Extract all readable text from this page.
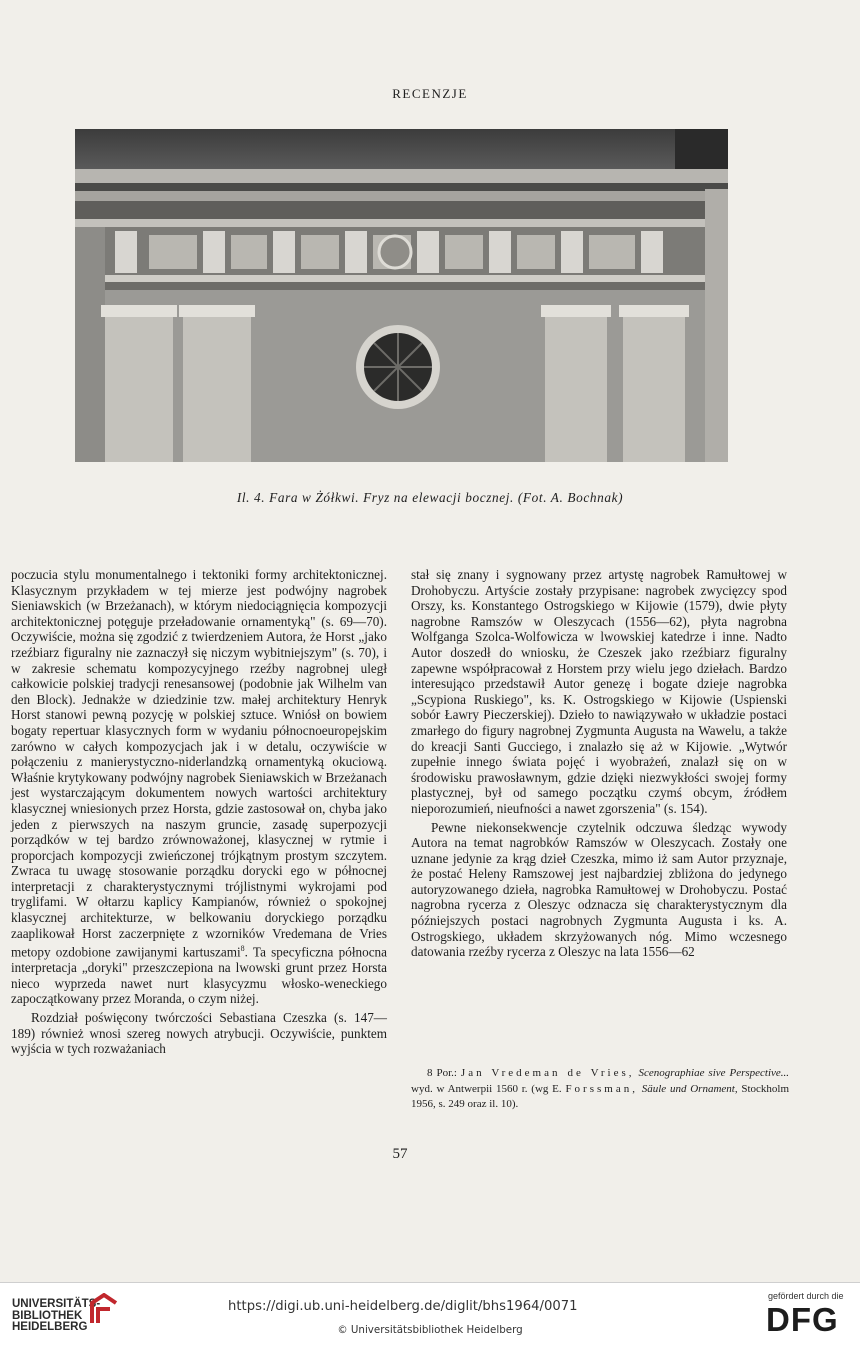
RECENZJE
Il. 4. Fara w Żółkwi. Fryz na elewacji bocznej. (Fot. A. Bochnak)

poczucia stylu monumentalnego i tektoniki formy architektonicznej. Klasycznym przykładem w tej mierze jest podwójny nagrobek Sieniawskich (w Brzeżanach), w którym niedociągnięcia kompozycji architektonicznej potęguje przeładowanie ornamentyką" (s. 69—70). Oczywiście, można się zgodzić z twierdzeniem Autora, że Horst „jako rzeźbiarz figuralny nie zaznaczył się niczym wybitniejszym" (s. 70), i w zakresie schematu kompozycyjnego rzeźby nagrobnej uległ całkowicie polskiej tradycji renesansowej (podobnie jak Wilhelm van den Block). Jednakże w dziedzinie tzw. małej architektury Henryk Horst stanowi pewną pozycję w polskiej sztuce. Wniósł on bowiem bogaty repertuar klasycznych form w wydaniu północnoeuropejskim zarówno w całych kompozycjach jak i w detalu, oczywiście w połączeniu z manierystyczno-niderlandzką ornamentyką okuciową. Właśnie krytykowany podwójny nagrobek Sieniawskich w Brzeżanach jest wystarczającym dokumentem nowych wartości architektury klasycznej wniesionych przez Horsta, gdzie zastosował on, chyba jako jeden z pierwszych na naszym gruncie, zasadę superpozycji porządków w tej bardzo zrównoważonej, klasycznej w rytmie i proporcjach kompozycji zwieńczonej trójkątnym prostym szczytem. Zwraca tu uwagę stosowanie porządku dorycki ego w północnej interpretacji z charakterystycznymi trójlistnymi wykrojami pod tryglifami. W ołtarzu kaplicy Kampianów, również o spokojnej klasycznej architekturze, w belkowaniu doryckiego porządku zaaplikował Horst zaczerpnięte z wzorników Vredemana de Vries metopy ozdobione zawijanymi kartuszami$^8$. Ta specyficzna północna interpretacja „doryki" przeszczepiona na lwowski grunt przez Horsta nieco wyprzeda nawet nurt klasycyzmu włosko-weneckiego zapoczątkowany przez Moranda, o czym niżej.

Rozdział poświęcony twórczości Sebastiana Czeszka (s. 147—189) również wnosi szereg nowych atrybucji. Oczywiście, punktem wyjścia w tych rozważaniach

stał się znany i sygnowany przez artystę nagrobek Ramułtowej w Drohobyczu. Artyście zostały przypisane: nagrobek zwycięzcy spod Orszy, ks. Konstantego Ostrogskiego w Kijowie (1579), dwie płyty nagrobne Ramszów w Oleszycach (1556—62), płyta nagrobna Wolfganga Szolca-Wolfowicza w lwowskiej katedrze i inne. Nadto Autor doszedł do wniosku, że Czeszek jako rzeźbiarz figuralny zapewne współpracował z Horstem przy wielu jego dziełach. Bardzo interesująco przedstawił Autor genezę i bogate dzieje nagrobka „Scypiona Ruskiego", ks. K. Ostrogskiego w Kijowie (Uspienski sobór Ławry Pieczerskiej). Dzieło to nawiązywało w układzie postaci zmarłego do figury nagrobnej Zygmunta Augusta na Wawelu, a także do kreacji Santi Gucciego, i znalazło się aż w Kijowie. „Wytwór zupełnie innego świata pojęć i wyobrażeń, znalazł się on w środowisku prawosławnym, gdzie dzięki niezwykłości swojej formy plastycznej, był od samego początku czymś obcym, źródłem nieporozumień, nieufności a nawet zgorszenia" (s. 154).

Pewne niekonsekwencje czytelnik odczuwa śledząc wywody Autora na temat nagrobków Ramszów w Oleszycach. Zostały one uznane jedynie za krąg dzieł Czeszka, mimo iż sam Autor przyznaje, że postać Heleny Ramszowej jest najbardziej zbliżona do jedynego autoryzowanego dzieła, nagrobka Ramułtowej w Drohobyczu. Postać nagrobna rycerza z Oleszyc odznacza się charakterystycznym dla późniejszych postaci nagrobnych Zygmunta Augusta i ks. A. Ostrogskiego, układem skrzyżowanych nóg. Mimo wczesnego datowania rzeźby rycerza z Oleszyc na lata 1556—62

8 Por.: Jan Vredeman de Vries, Scenographiae sive Perspective... wyd. w Antwerpii 1560 r. (wg E. Forssman, Säule und Ornament, Stockholm 1956, s. 249 oraz il. 10).
57
UNIVERSITÄTS-
BIBLIOTHEK
HEIDELBERG
https://digi.ub.uni-heidelberg.de/diglit/bhs1964/0071
© Universitätsbibliothek Heidelberg
gefördert durch die
DFG
